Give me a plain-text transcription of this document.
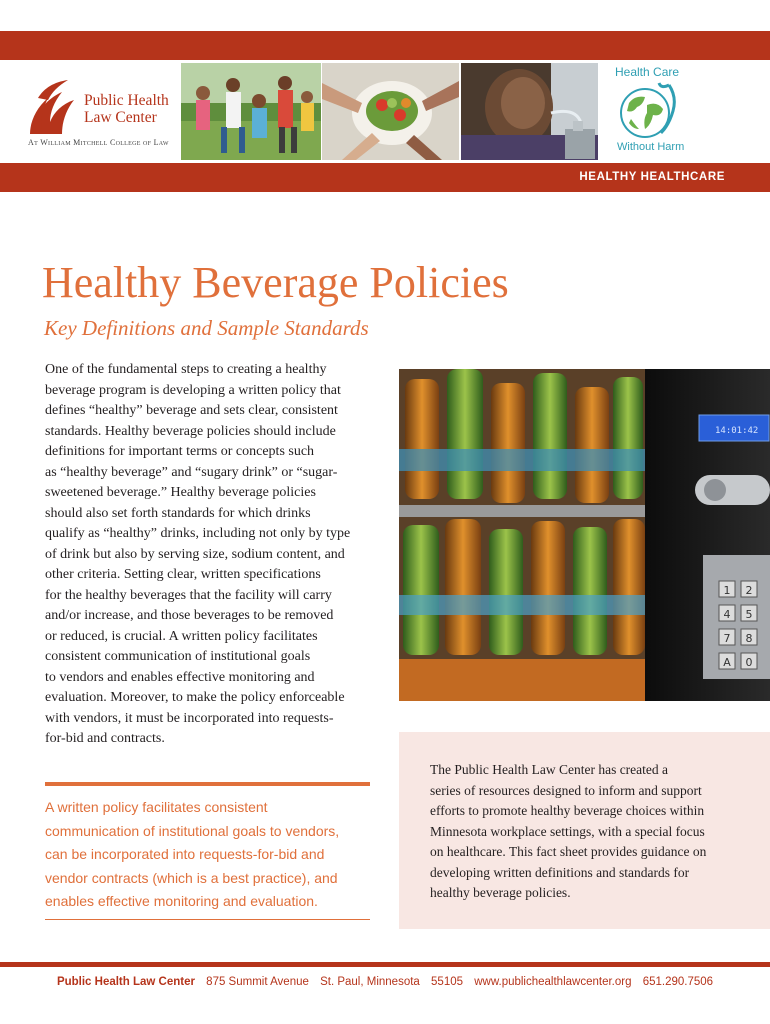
Public Health
Law Center
At William Mitchell College of Law
Health Care
Without Harm
HEALTHY HEALTHCARE
Healthy Beverage Policies
Key Definitions and Sample Standards
One of the fundamental steps to creating a healthy
beverage program is developing a written policy that
defines “healthy” beverage and sets clear, consistent
standards. Healthy beverage policies should include
definitions for important terms or concepts such
as “healthy beverage” and “sugary drink” or “sugar-
sweetened beverage.” Healthy beverage policies
should also set forth standards for which drinks
qualify as “healthy” drinks, including not only by type
of drink but also by serving size, sodium content, and
other criteria. Setting clear, written specifications
for the healthy beverages that the facility will carry
and/or increase, and those beverages to be removed
or reduced, is crucial. A written policy facilitates
consistent communication of institutional goals
to vendors and enables effective monitoring and
evaluation. Moreover, to make the policy enforceable
with vendors, it must be incorporated into requests-
for-bid and contracts.
14:01:42
1 2
4 5
7 8
A 0
A written policy facilitates consistent
communication of institutional goals to vendors,
can be incorporated into requests-for-bid and
vendor contracts (which is a best practice), and
enables effective monitoring and evaluation.
The Public Health Law Center has created a
series of resources designed to inform and support
efforts to promote healthy beverage choices within
Minnesota workplace settings, with a special focus
on healthcare. This fact sheet provides guidance on
developing written definitions and standards for
healthy beverage policies.
Public Health Law Center 875 Summit Avenue St. Paul, Minnesota 55105 www.publichealthlawcenter.org 651.290.7506
